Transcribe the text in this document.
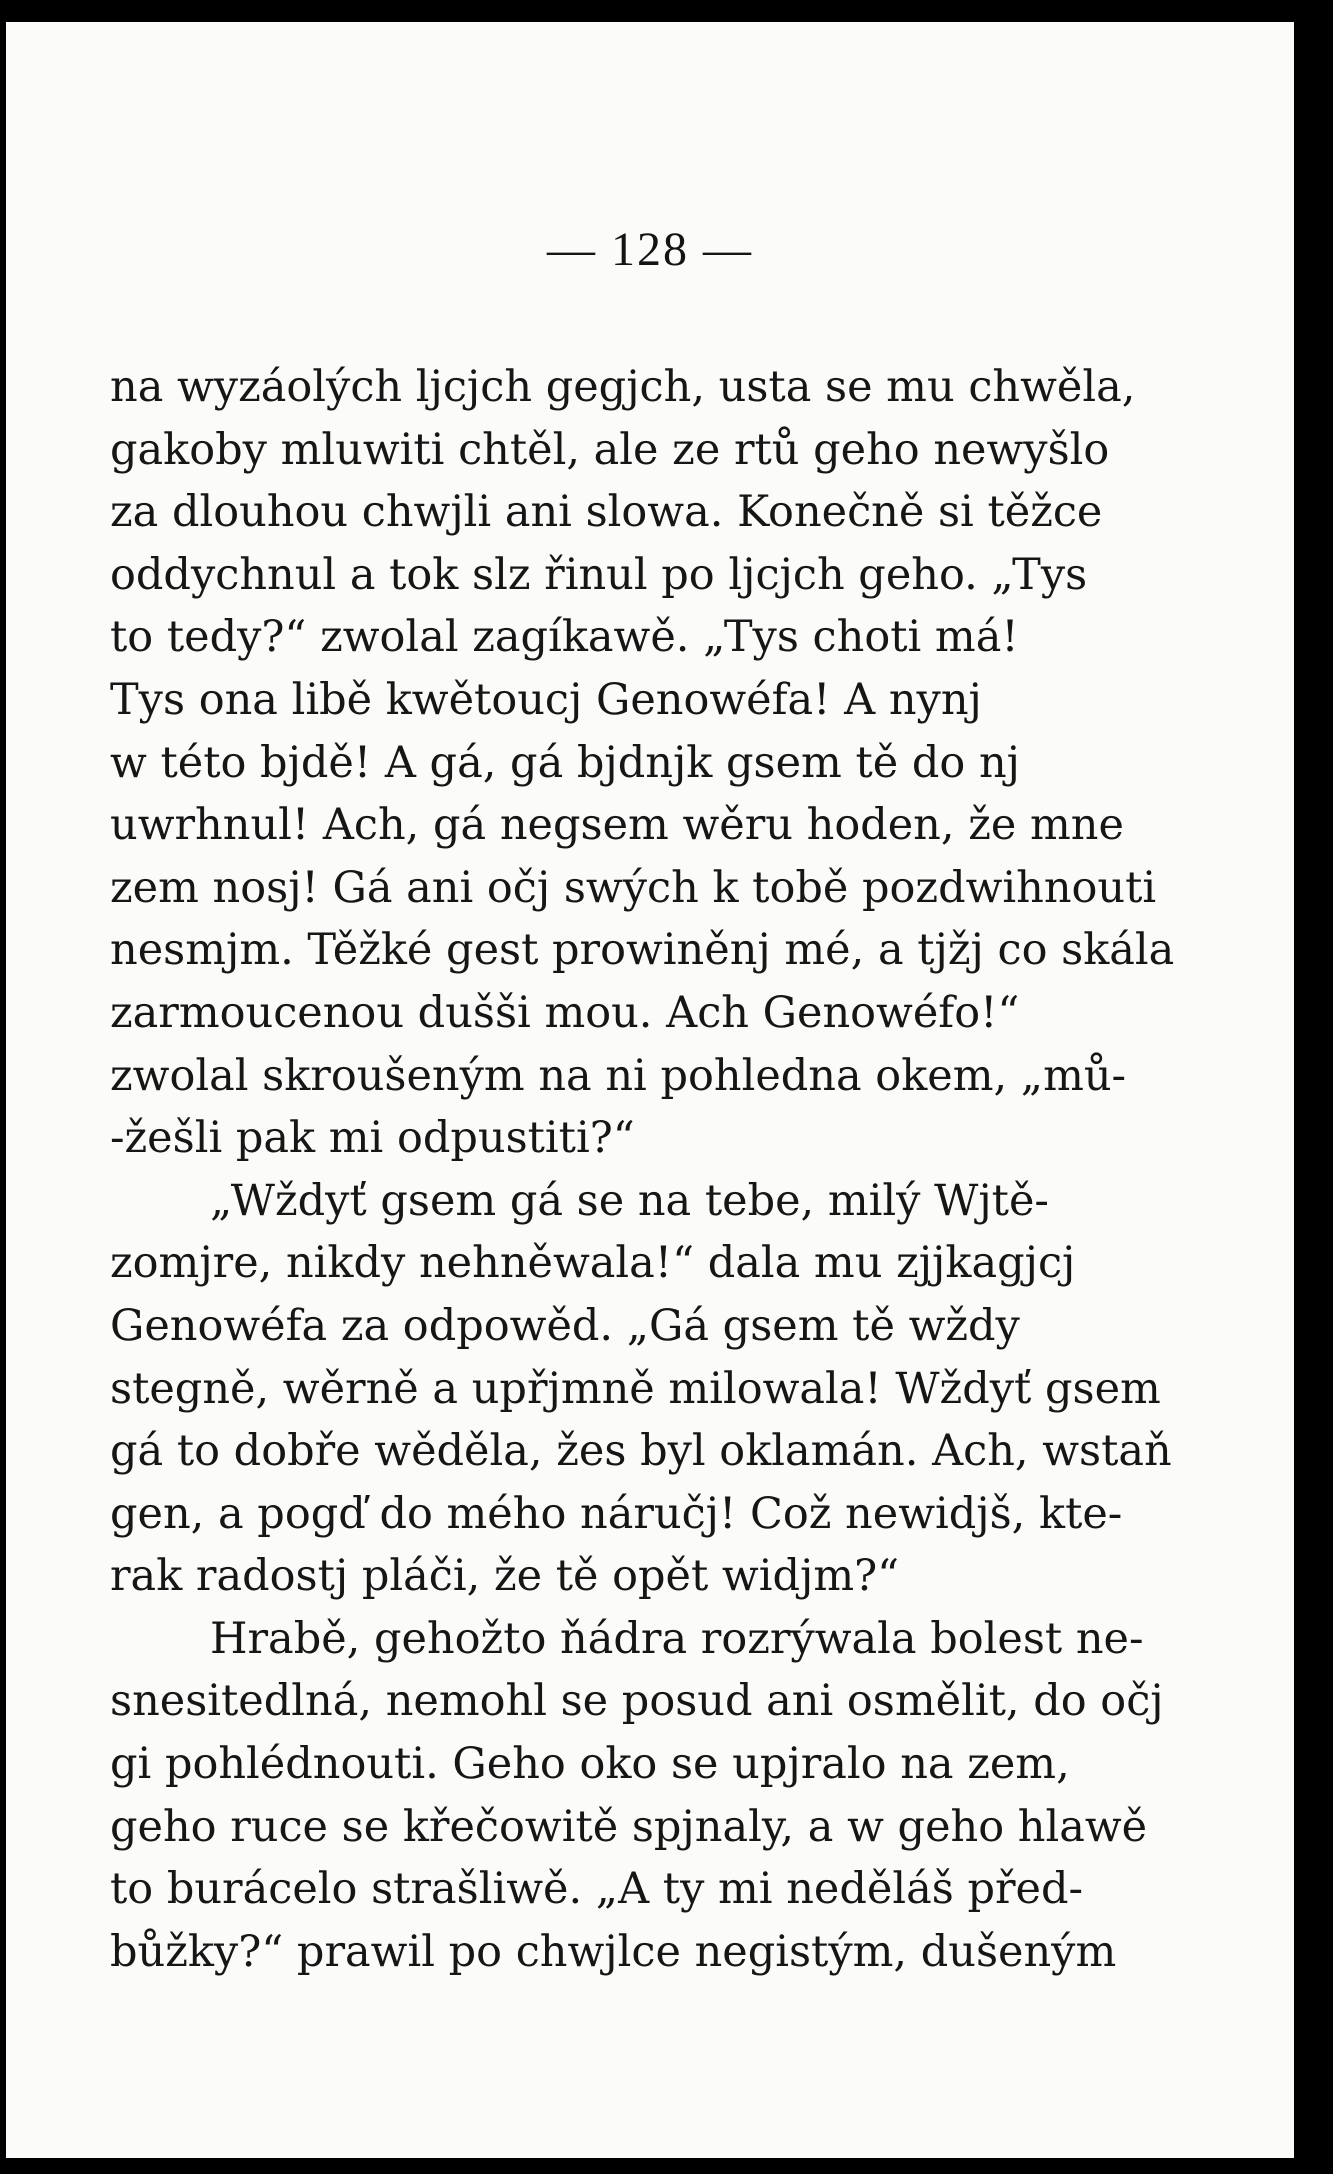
— 128 —
na wyzáolých ljcjch gegjch, usta se mu chwěla,
gakoby mluwiti chtěl, ale ze rtů geho newyšlo
za dlouhou chwjli ani slowa. Konečně si těžce
oddychnul a tok slz řinul po ljcjch geho. „Tys
to tedy?“ zwolal zagíkawě. „Tys choti má!
Tys ona libě kwětoucj Genowéfa! A nynj
w této bjdě! A gá, gá bjdnjk gsem tě do nj
uwrhnul! Ach, gá negsem wěru hoden, že mne
zem nosj! Gá ani očj swých k tobě pozdwihnouti
nesmjm. Těžké gest prowiněnj mé, a tjžj co skála
zarmoucenou dušši mou. Ach Genowéfo!“
zwolal skroušeným na ni pohledna okem, „mů-
-žešli pak mi odpustiti?“
„Wždyť gsem gá se na tebe, milý Wjtě-
zomjre, nikdy nehněwala!“ dala mu zjjkagjcj
Genowéfa za odpowěd. „Gá gsem tě wždy
stegně, wěrně a upřjmně milowala! Wždyť gsem
gá to dobře wěděla, žes byl oklamán. Ach, wstaň
gen, a pogď do mého náručj! Což newidjš, kte-
rak radostj pláči, že tě opět widjm?“
Hrabě, gehožto ňádra rozrýwala bolest ne-
snesitedlná, nemohl se posud ani osmělit, do očj
gi pohlédnouti. Geho oko se upjralo na zem,
geho ruce se křečowitě spjnaly, a w geho hlawě
to burácelo strašliwě. „A ty mi neděláš před-
bůžky?“ prawil po chwjlce negistým, dušeným
